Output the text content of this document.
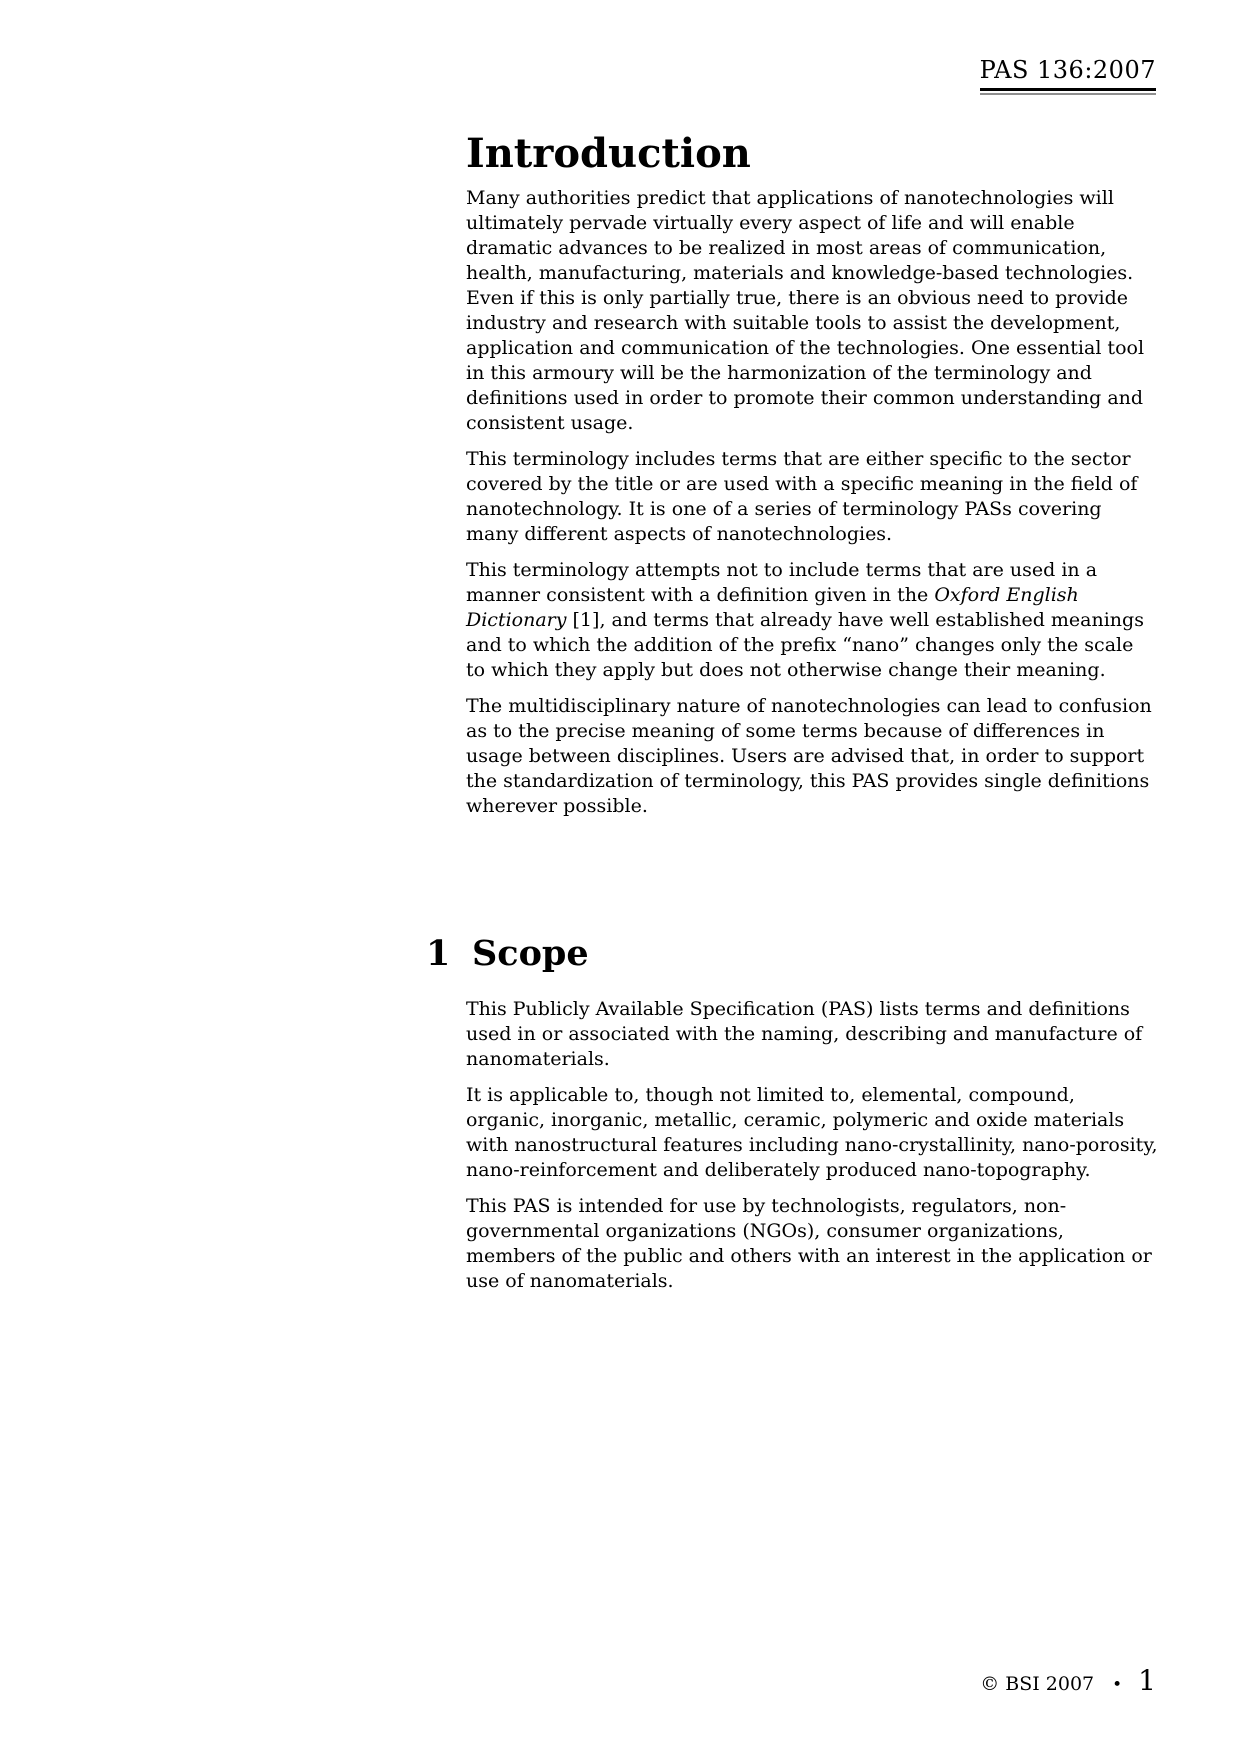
PAS 136:2007
Introduction

Many authorities predict that applications of nanotechnologies will ultimately pervade virtually every aspect of life and will enable dramatic advances to be realized in most areas of communication, health, manufacturing, materials and knowledge-based technologies. Even if this is only partially true, there is an obvious need to provide industry and research with suitable tools to assist the development, application and communication of the technologies. One essential tool in this armoury will be the harmonization of the terminology and definitions used in order to promote their common understanding and consistent usage.

This terminology includes terms that are either specific to the sector covered by the title or are used with a specific meaning in the field of nanotechnology. It is one of a series of terminology PASs covering many different aspects of nanotechnologies.

This terminology attempts not to include terms that are used in a manner consistent with a definition given in the Oxford English Dictionary [1], and terms that already have well established meanings and to which the addition of the prefix “nano” changes only the scale to which they apply but does not otherwise change their meaning.

The multidisciplinary nature of nanotechnologies can lead to confusion as to the precise meaning of some terms because of differences in usage between disciplines. Users are advised that, in order to support the standardization of terminology, this PAS provides single definitions wherever possible.

1 Scope

This Publicly Available Specification (PAS) lists terms and definitions used in or associated with the naming, describing and manufacture of nanomaterials.

It is applicable to, though not limited to, elemental, compound, organic, inorganic, metallic, ceramic, polymeric and oxide materials with nanostructural features including nano-crystallinity, nano-porosity, nano-reinforcement and deliberately produced nano-topography.

This PAS is intended for use by technologists, regulators, non-governmental organizations (NGOs), consumer organizations, members of the public and others with an interest in the application or use of nanomaterials.

© BSI 2007 • 1
